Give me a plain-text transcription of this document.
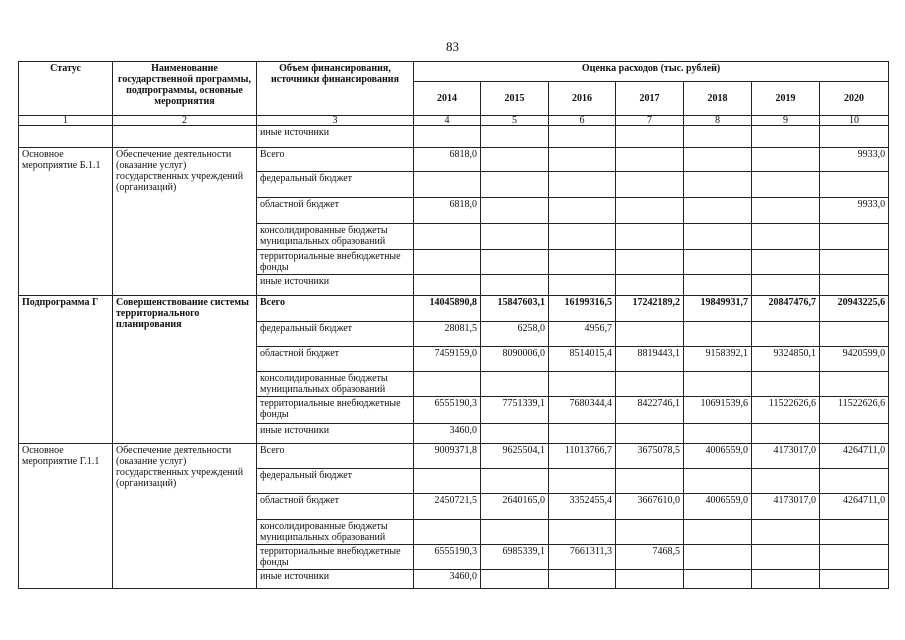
83
Статус	Наименование государственной программы, подпрограммы, основные мероприятия	Объем финансирования, источники финансирования	Оценка расходов (тыс. рублей)						
			2014	2015	2016	2017	2018	2019	2020
1	2	3	4	5	6	7	8	9	10
		иные источники							
Основное мероприятие Б.1.1	Обеспечение деятельности (оказание услуг) государственных учреждений (организаций)	Всего	6818,0						9933,0
		федеральный бюджет							
		областной бюджет	6818,0						9933,0
		консолидированные бюджеты муниципальных образований							
		территориальные внебюджетные фонды							
		иные источники							
Подпрограмма Г	Совершенствование системы территориального планирования	Всего	14045890,8	15847603,1	16199316,5	17242189,2	19849931,7	20847476,7	20943225,6
		федеральный бюджет	28081,5	6258,0	4956,7				
		областной бюджет	7459159,0	8090006,0	8514015,4	8819443,1	9158392,1	9324850,1	9420599,0
		консолидированные бюджеты муниципальных образований							
		территориальные внебюджетные фонды	6555190,3	7751339,1	7680344,4	8422746,1	10691539,6	11522626,6	11522626,6
		иные источники	3460,0						
Основное мероприятие Г.1.1	Обеспечение деятельности (оказание услуг) государственных учреждений (организаций)	Всего	9009371,8	9625504,1	11013766,7	3675078,5	4006559,0	4173017,0	4264711,0
		федеральный бюджет							
		областной бюджет	2450721,5	2640165,0	3352455,4	3667610,0	4006559,0	4173017,0	4264711,0
		консолидированные бюджеты муниципальных образований							
		территориальные внебюджетные фонды	6555190,3	6985339,1	7661311,3	7468,5			
		иные источники	3460,0						
